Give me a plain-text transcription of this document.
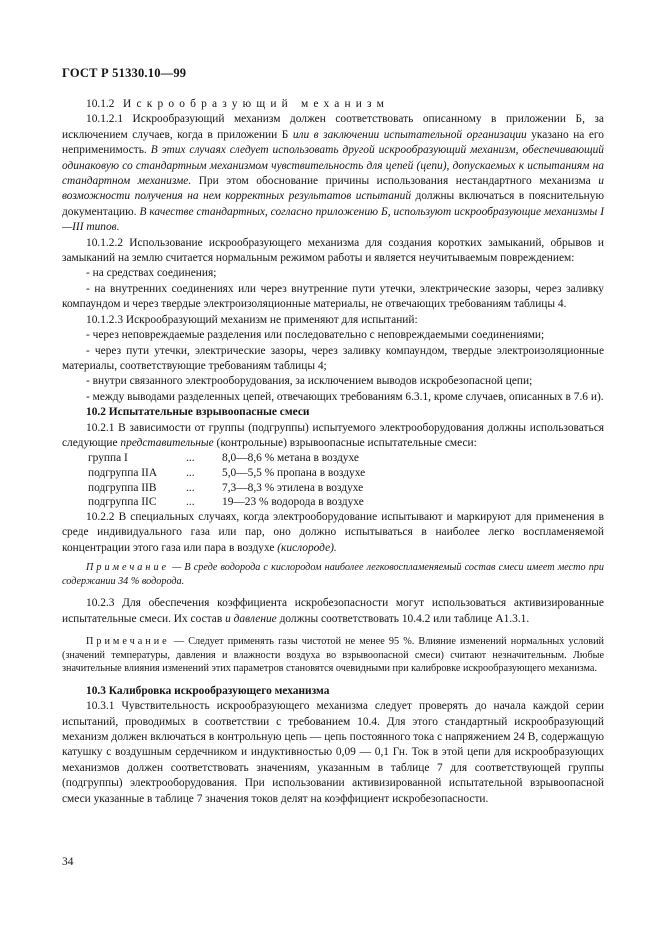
ГОСТ Р 51330.10—99

10.1.2 Искрообразующий механизм

10.1.2.1 Искрообразующий механизм должен соответствовать описанному в приложении Б, за исключением случаев, когда в приложении Б или в заключении испытательной организации указано на его неприменимость. В этих случаях следует использовать другой искрообразующий механизм, обеспечивающий одинаковую со стандартным механизмом чувствительность для цепей (цепи), допускаемых к испытаниям на стандартном механизме. При этом обоснование причины использования нестандартного механизма и возможности получения на нем корректных результатов испытаний должны включаться в пояснительную документацию. В качестве стандартных, согласно приложению Б, используют искрообразующие механизмы I—III типов.

10.1.2.2 Использование искрообразующего механизма для создания коротких замыканий, обрывов и замыканий на землю считается нормальным режимом работы и является неучитываемым повреждением:

- на средствах соединения;

- на внутренних соединениях или через внутренние пути утечки, электрические зазоры, через заливку компаундом и через твердые электроизоляционные материалы, не отвечающих требованиям таблицы 4.

10.1.2.3 Искрообразующий механизм не применяют для испытаний:

- через неповреждаемые разделения или последовательно с неповреждаемыми соединениями;

- через пути утечки, электрические зазоры, через заливку компаундом, твердые электроизоляционные материалы, соответствующие требованиям таблицы 4;

- внутри связанного электрооборудования, за исключением выводов искробезопасной цепи;

- между выводами разделенных цепей, отвечающих требованиям 6.3.1, кроме случаев, описанных в 7.6 и).

10.2 Испытательные взрывоопасные смеси

10.2.1 В зависимости от группы (подгруппы) испытуемого электрооборудования должны использоваться следующие представительные (контрольные) взрывоопасные испытательные смеси:

группа I	...	8,0—8,6 % метана в воздухе
подгруппа IIA	...	5,0—5,5 % пропана в воздухе
подгруппа IIB	...	7,3—8,3 % этилена в воздухе
подгруппа IIC	...	19—23 % водорода в воздухе

10.2.2 В специальных случаях, когда электрооборудование испытывают и маркируют для применения в среде индивидуального газа или пар, оно должно испытываться в наиболее легко воспламеняемой концентрации этого газа или пара в воздухе (кислороде).

Примечание — В среде водорода с кислородом наиболее легковоспламеняемый состав смеси имеет место при содержании 34 % водорода.

10.2.3 Для обеспечения коэффициента искробезопасности могут использоваться активизированные испытательные смеси. Их состав и давление должны соответствовать 10.4.2 или таблице А1.3.1.

Примечание — Следует применять газы чистотой не менее 95 %. Влияние изменений нормальных условий (значений температуры, давления и влажности воздуха во взрывоопасной смеси) считают незначительным. Любые значительные влияния изменений этих параметров становятся очевидными при калибровке искрообразующего механизма.

10.3 Калибровка искрообразующего механизма

10.3.1 Чувствительность искрообразующего механизма следует проверять до начала каждой серии испытаний, проводимых в соответствии с требованием 10.4. Для этого стандартный искрообразующий механизм должен включаться в контрольную цепь — цепь постоянного тока с напряжением 24 В, содержащую катушку с воздушным сердечником и индуктивностью 0,09 — 0,1 Гн. Ток в этой цепи для искрообразующих механизмов должен соответствовать значениям, указанным в таблице 7 для соответствующей группы (подгруппы) электрооборудования. При использовании активизированной испытательной взрывоопасной смеси указанные в таблице 7 значения токов делят на коэффициент искробезопасности.

34
